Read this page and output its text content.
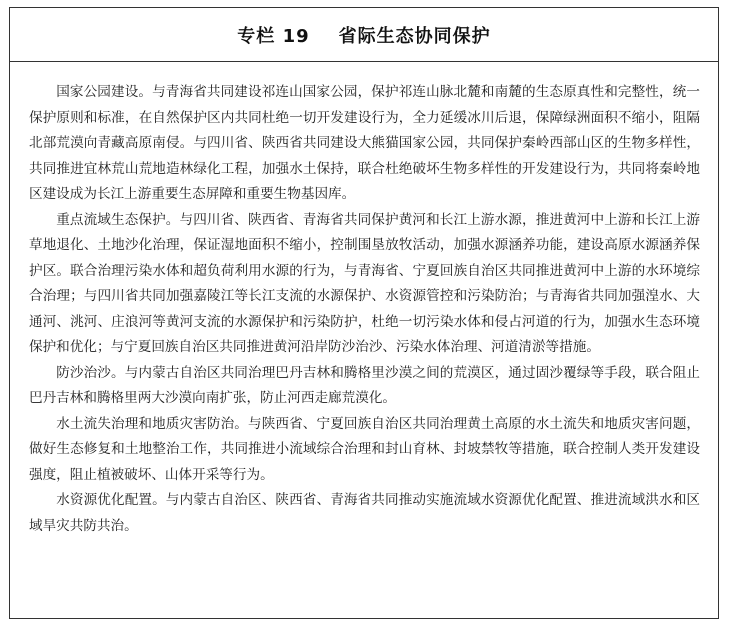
专栏 19    省际生态协同保护

国家公园建设。与青海省共同建设祁连山国家公园，保护祁连山脉北麓和南麓的生态原真性和完整性，统一保护原则和标准，在自然保护区内共同杜绝一切开发建设行为，全力延缓冰川后退，保障绿洲面积不缩小，阻隔北部荒漠向青藏高原南侵。与四川省、陕西省共同建设大熊猫国家公园，共同保护秦岭西部山区的生物多样性，共同推进宜林荒山荒地造林绿化工程，加强水土保持，联合杜绝破坏生物多样性的开发建设行为，共同将秦岭地区建设成为长江上游重要生态屏障和重要生物基因库。

重点流域生态保护。与四川省、陕西省、青海省共同保护黄河和长江上游水源，推进黄河中上游和长江上游草地退化、土地沙化治理，保证湿地面积不缩小，控制围垦放牧活动，加强水源涵养功能，建设高原水源涵养保护区。联合治理污染水体和超负荷利用水源的行为，与青海省、宁夏回族自治区共同推进黄河中上游的水环境综合治理；与四川省共同加强嘉陵江等长江支流的水源保护、水资源管控和污染防治；与青海省共同加强湟水、大通河、洮河、庄浪河等黄河支流的水源保护和污染防护，杜绝一切污染水体和侵占河道的行为，加强水生态环境保护和优化；与宁夏回族自治区共同推进黄河沿岸防沙治沙、污染水体治理、河道清淤等措施。

防沙治沙。与内蒙古自治区共同治理巴丹吉林和腾格里沙漠之间的荒漠区，通过固沙覆绿等手段，联合阻止巴丹吉林和腾格里两大沙漠向南扩张，防止河西走廊荒漠化。

水土流失治理和地质灾害防治。与陕西省、宁夏回族自治区共同治理黄土高原的水土流失和地质灾害问题，做好生态修复和土地整治工作，共同推进小流域综合治理和封山育林、封坡禁牧等措施，联合控制人类开发建设强度，阻止植被破坏、山体开采等行为。

水资源优化配置。与内蒙古自治区、陕西省、青海省共同推动实施流域水资源优化配置、推进流域洪水和区域旱灾共防共治。
